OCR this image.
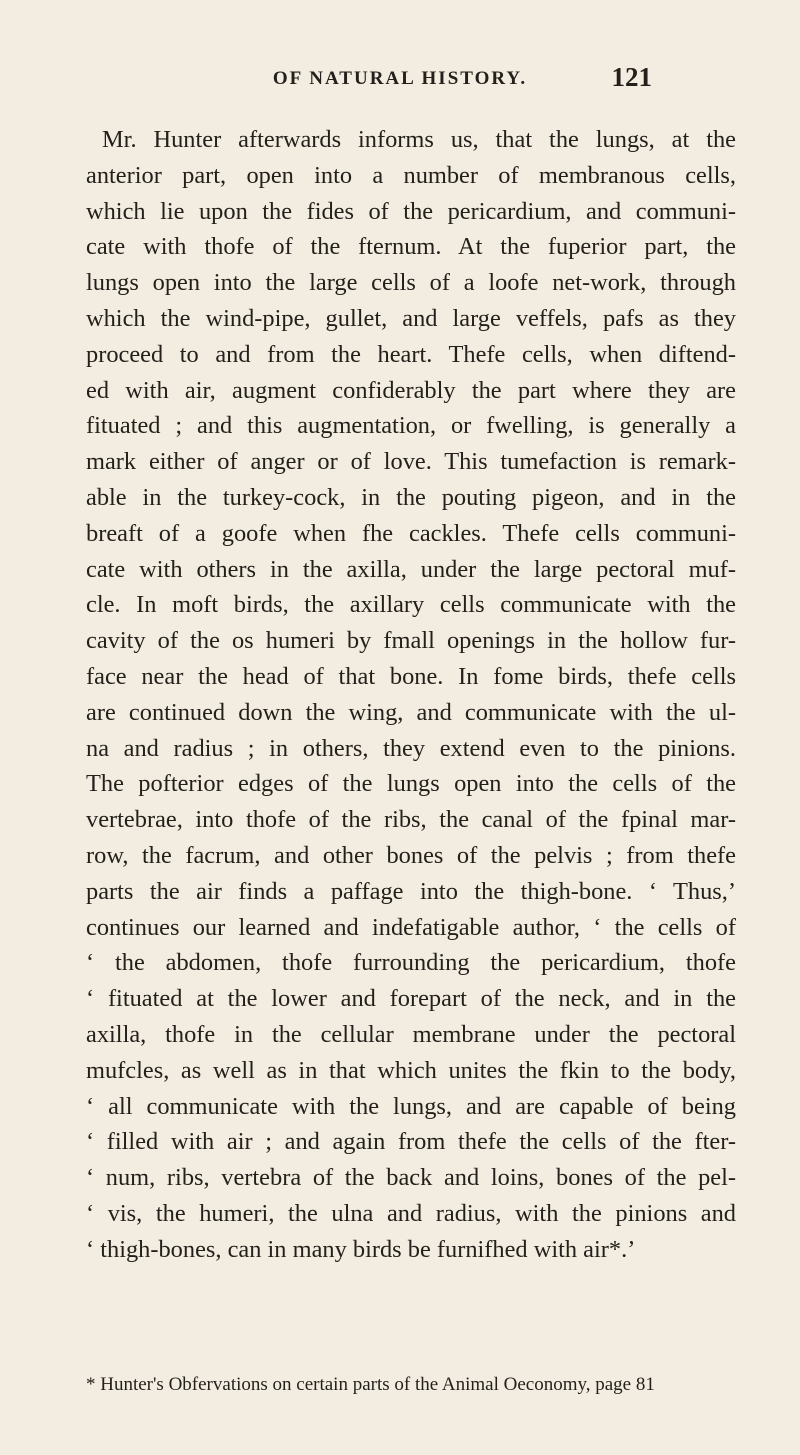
OF NATURAL HISTORY.	121
Mr. Hunter afterwards informs us, that the lungs, at the
anterior part, open into a number of membranous cells,
which lie upon the fides of the pericardium, and communi-
cate with thofe of the fternum. At the fuperior part, the
lungs open into the large cells of a loofe net-work, through
which the wind-pipe, gullet, and large veffels, pafs as they
proceed to and from the heart. Thefe cells, when diftend-
ed with air, augment confiderably the part where they are
fituated ; and this augmentation, or fwelling, is generally a
mark either of anger or of love. This tumefaction is remark-
able in the turkey-cock, in the pouting pigeon, and in the
breaft of a goofe when fhe cackles. Thefe cells communi-
cate with others in the axilla, under the large pectoral muf-
cle. In moft birds, the axillary cells communicate with the
cavity of the os humeri by fmall openings in the hollow fur-
face near the head of that bone. In fome birds, thefe cells
are continued down the wing, and communicate with the ul-
na and radius ; in others, they extend even to the pinions.
The pofterior edges of the lungs open into the cells of the
vertebrae, into thofe of the ribs, the canal of the fpinal mar-
row, the facrum, and other bones of the pelvis ; from thefe
parts the air finds a paffage into the thigh-bone. ‘ Thus,’
continues our learned and indefatigable author, ‘ the cells of
‘ the abdomen, thofe furrounding the pericardium, thofe
‘ fituated at the lower and forepart of the neck, and in the
axilla, thofe in the cellular membrane under the pectoral
mufcles, as well as in that which unites the fkin to the body,
‘ all communicate with the lungs, and are capable of being
‘ filled with air ; and again from thefe the cells of the fter-
‘ num, ribs, vertebra of the back and loins, bones of the pel-
‘ vis, the humeri, the ulna and radius, with the pinions and
‘ thigh-bones, can in many birds be furnifhed with air*.’
* Hunter's Obfervations on certain parts of the Animal Oeconomy, page 81
